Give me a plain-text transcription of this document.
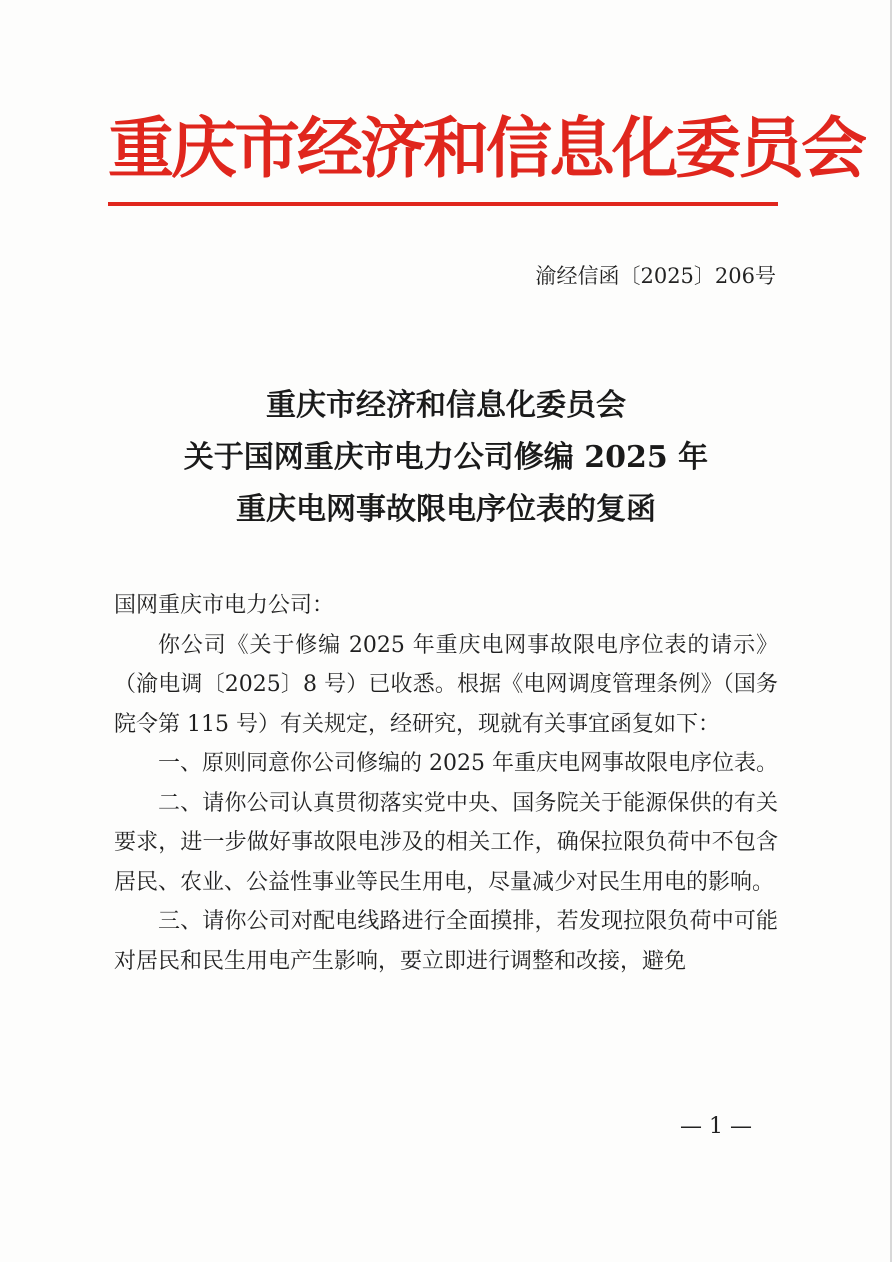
重庆市经济和信息化委员会
渝经信函〔2025〕206号
重庆市经济和信息化委员会
关于国网重庆市电力公司修编 2025 年
重庆电网事故限电序位表的复函

国网重庆市电力公司：

你公司《关于修编 2025 年重庆电网事故限电序位表的请示》（渝电调〔2025〕8 号）已收悉。根据《电网调度管理条例》（国务院令第 115 号）有关规定，经研究，现就有关事宜函复如下：

一、原则同意你公司修编的 2025 年重庆电网事故限电序位表。

二、请你公司认真贯彻落实党中央、国务院关于能源保供的有关要求，进一步做好事故限电涉及的相关工作，确保拉限负荷中不包含居民、农业、公益性事业等民生用电，尽量减少对民生用电的影响。

三、请你公司对配电线路进行全面摸排，若发现拉限负荷中可能对居民和民生用电产生影响，要立即进行调整和改接，避免

— 1 —
